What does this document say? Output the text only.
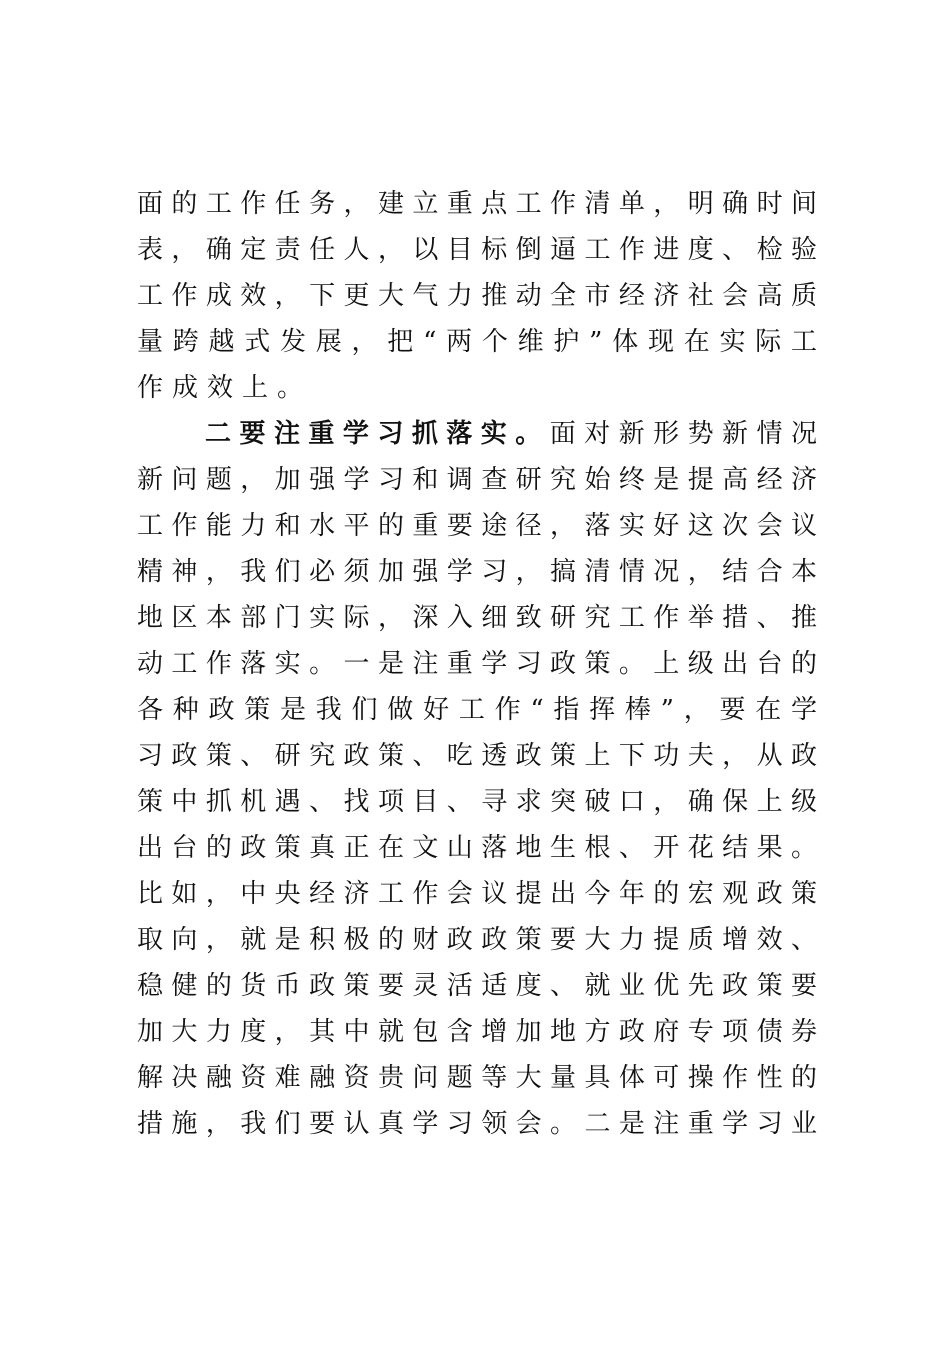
面的工作任务，建立重点工作清单，明确时间
表，确定责任人，以目标倒逼工作进度、检验
工作成效，下更大气力推动全市经济社会高质
量跨越式发展，把“两个维护”体现在实际工
作成效上。
二要注重学习抓落实。面对新形势新情况
新问题，加强学习和调查研究始终是提高经济
工作能力和水平的重要途径，落实好这次会议
精神，我们必须加强学习，搞清情况，结合本
地区本部门实际，深入细致研究工作举措、推
动工作落实。一是注重学习政策。上级出台的
各种政策是我们做好工作“指挥棒”，要在学
习政策、研究政策、吃透政策上下功夫，从政
策中抓机遇、找项目、寻求突破口，确保上级
出台的政策真正在文山落地生根、开花结果。
比如，中央经济工作会议提出今年的宏观政策
取向，就是积极的财政政策要大力提质增效、
稳健的货币政策要灵活适度、就业优先政策要
加大力度，其中就包含增加地方政府专项债券
解决融资难融资贵问题等大量具体可操作性的
措施，我们要认真学习领会。二是注重学习业
